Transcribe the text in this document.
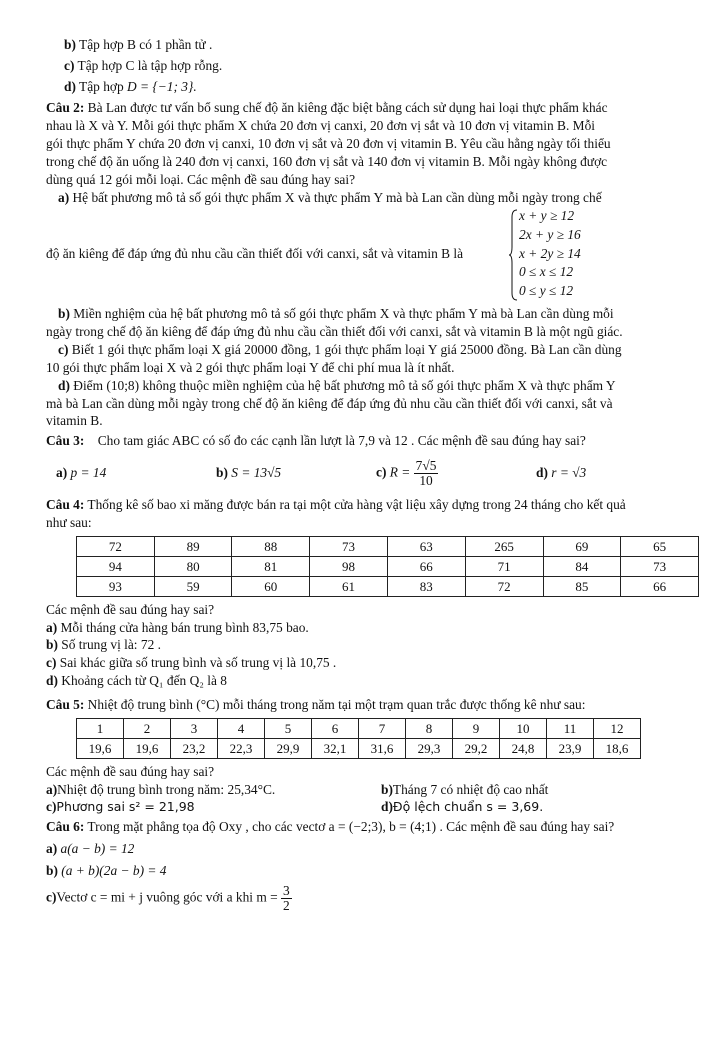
b) Tập hợp B có 1 phần tử .

c) Tập hợp C là tập hợp rỗng.

d) Tập hợp D = {−1; 3}.

Câu 2: Bà Lan được tư vấn bổ sung chế độ ăn kiêng đặc biệt bằng cách sử dụng hai loại thực phẩm khác

nhau là X và Y. Mỗi gói thực phẩm X chứa 20 đơn vị canxi, 20 đơn vị sắt và 10 đơn vị vitamin B. Mỗi

gói thực phẩm Y chứa 20 đơn vị canxi, 10 đơn vị sắt và 20 đơn vị vitamin B. Yêu cầu hằng ngày tối thiểu

trong chế độ ăn uống là 240 đơn vị canxi, 160 đơn vị sắt và 140 đơn vị vitamin B. Mỗi ngày không được

dùng quá 12 gói mỗi loại. Các mệnh đề sau đúng hay sai?

a) Hệ bất phương mô tả số gói thực phẩm X và thực phẩm Y mà bà Lan cần dùng mỗi ngày trong chế

độ ăn kiêng để đáp ứng đủ nhu cầu cần thiết đối với canxi, sắt và vitamin B là

x + y ≥ 12
2x + y ≥ 16
x + 2y ≥ 14
0 ≤ x ≤ 12
0 ≤ y ≤ 12

b) Miền nghiệm của hệ bất phương mô tả số gói thực phẩm X và thực phẩm Y mà bà Lan cần dùng mỗi

ngày trong chế độ ăn kiêng để đáp ứng đủ nhu cầu cần thiết đối với canxi, sắt và vitamin B là một ngũ giác.

c) Biết 1 gói thực phẩm loại X giá 20000 đồng, 1 gói thực phẩm loại Y giá 25000 đồng. Bà Lan cần dùng

10 gói thực phẩm loại X và 2 gói thực phẩm loại Y để chi phí mua là ít nhất.

d) Điểm (10;8) không thuộc miền nghiệm của hệ bất phương mô tả số gói thực phẩm X và thực phẩm Y

mà bà Lan cần dùng mỗi ngày trong chế độ ăn kiêng để đáp ứng đủ nhu cầu cần thiết đối với canxi, sắt và

vitamin B.

Câu 3:    Cho tam giác ABC có số đo các cạnh lần lượt là 7,9 và 12 . Các mệnh đề sau đúng hay sai?

a) p = 14	b) S = 13√5	c) $R = \frac{7√5}{10}$	d) r = √3

Câu 4: Thống kê số bao xi măng được bán ra tại một cửa hàng vật liệu xây dựng trong 24 tháng cho kết quả

như sau:

72	89	88	73	63	265	69	65
94	80	81	98	66	71	84	73
93	59	60	61	83	72	85	66

Các mệnh đề sau đúng hay sai?

a) Mỗi tháng cửa hàng bán trung bình 83,75 bao.

b) Số trung vị là: 72 .

c) Sai khác giữa số trung bình và số trung vị là 10,75 .

d) Khoảng cách từ Q₁ đến Q₂ là 8

Câu 5: Nhiệt độ trung bình (°C) mỗi tháng trong năm tại một trạm quan trắc được thống kê như sau:

1	2	3	4	5	6	7	8	9	10	11	12
19,6	19,6	23,2	22,3	29,9	32,1	31,6	29,3	29,2	24,8	23,9	18,6

Các mệnh đề sau đúng hay sai?

a)Nhiệt độ trung bình trong năm: 25,34°C.	b)Tháng 7 có nhiệt độ cao nhất
c)Phương sai s² = 21,98	d)Độ lệch chuẩn s = 3,69.

Câu 6: Trong mặt phẳng tọa độ Oxy , cho các vectơ a = (−2;3), b = (4;1) . Các mệnh đề sau đúng hay sai?

a) a(a − b) = 12

b) (a + b)(2a − b) = 4

c)Vectơ c = mi + j vuông góc với a khi $m = \frac{3}{2}$
